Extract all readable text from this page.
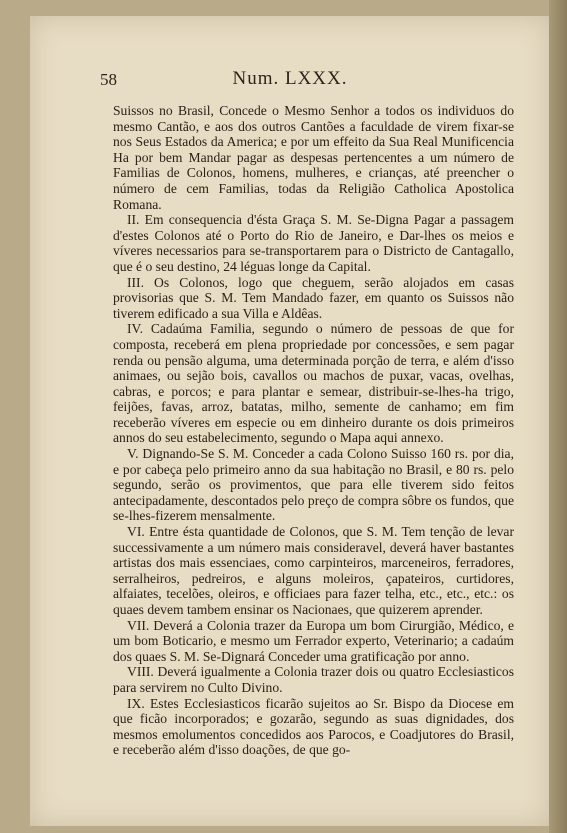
58	Num. LXXX.

Suissos no Brasil, Concede o Mesmo Senhor a todos os individuos do mesmo Cantão, e aos dos outros Cantões a faculdade de virem fixar-se nos Seus Estados da America; e por um effeito da Sua Real Munificencia Ha por bem Mandar pagar as despesas pertencentes a um número de Familias de Colonos, homens, mulheres, e crianças, até preencher o número de cem Familias, todas da Religião Catholica Apostolica Romana.

II. Em consequencia d'ésta Graça S. M. Se-Digna Pagar a passagem d'estes Colonos até o Porto do Rio de Janeiro, e Dar-lhes os meios e víveres necessarios para se-transportarem para o Districto de Cantagallo, que é o seu destino, 24 léguas longe da Capital.

III. Os Colonos, logo que cheguem, serão alojados em casas provisorias que S. M. Tem Mandado fazer, em quanto os Suissos não tiverem edificado a sua Villa e Aldêas.

IV. Cadaúma Familia, segundo o número de pessoas de que for composta, receberá em plena propriedade por concessões, e sem pagar renda ou pensão alguma, uma determinada porção de terra, e além d'isso animaes, ou sejão bois, cavallos ou machos de puxar, vacas, ovelhas, cabras, e porcos; e para plantar e semear, distribuir-se-lhes-ha trigo, feijões, favas, arroz, batatas, milho, semente de canhamo; em fim receberão víveres em especie ou em dinheiro durante os dois primeiros annos do seu estabelecimento, segundo o Mapa aqui annexo.

V. Dignando-Se S. M. Conceder a cada Colono Suisso 160 rs. por dia, e por cabeça pelo primeiro anno da sua habitação no Brasil, e 80 rs. pelo segundo, serão os provimentos, que para elle tiverem sido feitos antecipadamente, descontados pelo preço de compra sôbre os fundos, que se-lhes-fizerem mensalmente.

VI. Entre ésta quantidade de Colonos, que S. M. Tem tenção de levar successivamente a um número mais consideravel, deverá haver bastantes artistas dos mais essenciaes, como carpinteiros, marceneiros, ferradores, serralheiros, pedreiros, e alguns moleiros, çapateiros, curtidores, alfaiates, tecelões, oleiros, e officiaes para fazer telha, etc., etc., etc.: os quaes devem tambem ensinar os Nacionaes, que quizerem aprender.

VII. Deverá a Colonia trazer da Europa um bom Cirurgião, Médico, e um bom Boticario, e mesmo um Ferrador experto, Veterinario; a cadaúm dos quaes S. M. Se-Dignará Conceder uma gratificação por anno.

VIII. Deverá igualmente a Colonia trazer dois ou quatro Ecclesiasticos para servirem no Culto Divino.

IX. Estes Ecclesiasticos ficarão sujeitos ao Sr. Bispo da Diocese em que ficão incorporados; e gozarão, segundo as suas dignidades, dos mesmos emolumentos concedidos aos Parocos, e Coadjutores do Brasil, e receberão além d'isso doações, de que go-
